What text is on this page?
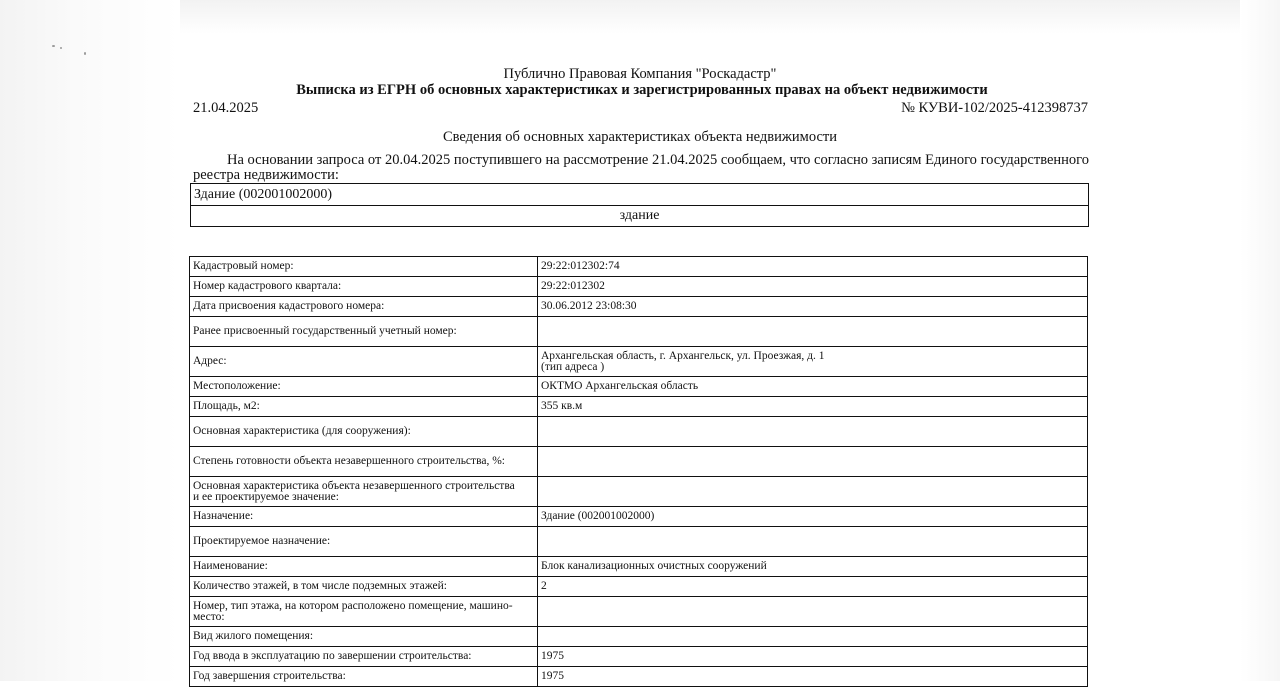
Публично Правовая Компания "Роскадастр"
Выписка из ЕГРН об основных характеристиках и зарегистрированных правах на объект недвижимости
21.04.2025	№ КУВИ-102/2025-412398737
Сведения об основных характеристиках объекта недвижимости
На основании запроса от 20.04.2025 поступившего на рассмотрение 21.04.2025 сообщаем, что согласно записям Единого государственного реестра недвижимости:
Здание (002001002000)
здание
Кадастровый номер:	29:22:012302:74
Номер кадастрового квартала:	29:22:012302
Дата присвоения кадастрового номера:	30.06.2012 23:08:30
Ранее присвоенный государственный учетный номер:	
Адрес:	Архангельская область, г. Архангельск, ул. Проезжая, д. 1
(тип адреса )

Местоположение:	ОКТМО Архангельская область
Площадь, м2:	355 кв.м
Основная характеристика (для сооружения):	
Степень готовности объекта незавершенного строительства, %:	

Основная характеристика объекта незавершенного строительства
и ее проектируемое значение:	

Назначение:	Здание (002001002000)
Проектируемое назначение:	
Наименование:	Блок канализационных очистных сооружений
Количество этажей, в том числе подземных этажей:	2

Номер, тип этажа, на котором расположено помещение, машино-
место:	

Вид жилого помещения:	
Год ввода в эксплуатацию по завершении строительства:	1975
Год завершения строительства:	1975
